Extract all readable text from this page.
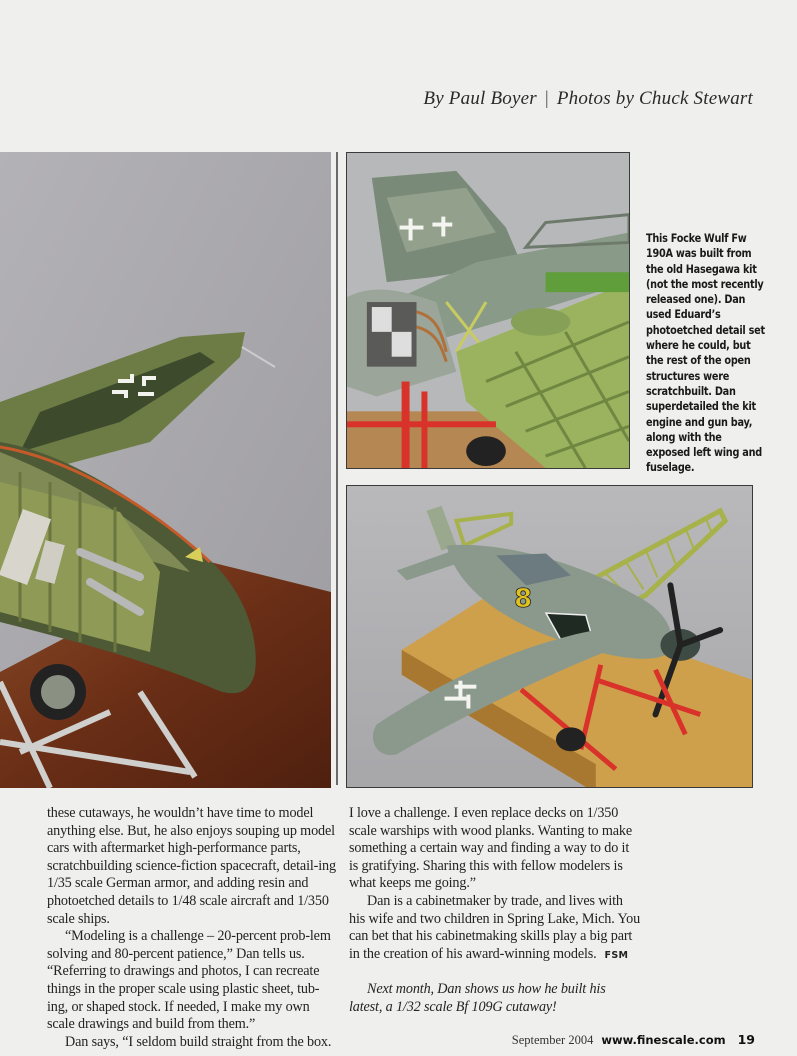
By Paul Boyer | Photos by Chuck Stewart
This Focke Wulf Fw 190A was built from the old Hasegawa kit (not the most recently released one). Dan used Eduard’s photoetched detail set where he could, but the rest of the open structures were scratchbuilt. Dan superdetailed the kit engine and gun bay, along with the exposed left wing and fuselage.
8

these cutaways, he wouldn’t have time to model anything else. But, he also enjoys souping up model cars with aftermarket high-performance parts, scratchbuilding science-fiction spacecraft, detail-ing 1/35 scale German armor, and adding resin and photoetched details to 1/48 scale aircraft and 1/350 scale ships.

“Modeling is a challenge – 20-percent prob-lem solving and 80-percent patience,” Dan tells us. “Referring to drawings and photos, I can recreate things in the proper scale using plastic sheet, tub-ing, or shaped stock. If needed, I make my own scale drawings and build from them.”

Dan says, “I seldom build straight from the box.

I love a challenge. I even replace decks on 1/350 scale warships with wood planks. Wanting to make something a certain way and finding a way to do it is gratifying. Sharing this with fellow modelers is what keeps me going.”

Dan is a cabinetmaker by trade, and lives with his wife and two children in Spring Lake, Mich. You can bet that his cabinetmaking skills play a big part in the creation of his award-winning models. FSM

Next month, Dan shows us how he built his latest, a 1/32 scale Bf 109G cutaway!

September 2004 www.finescale.com 19
